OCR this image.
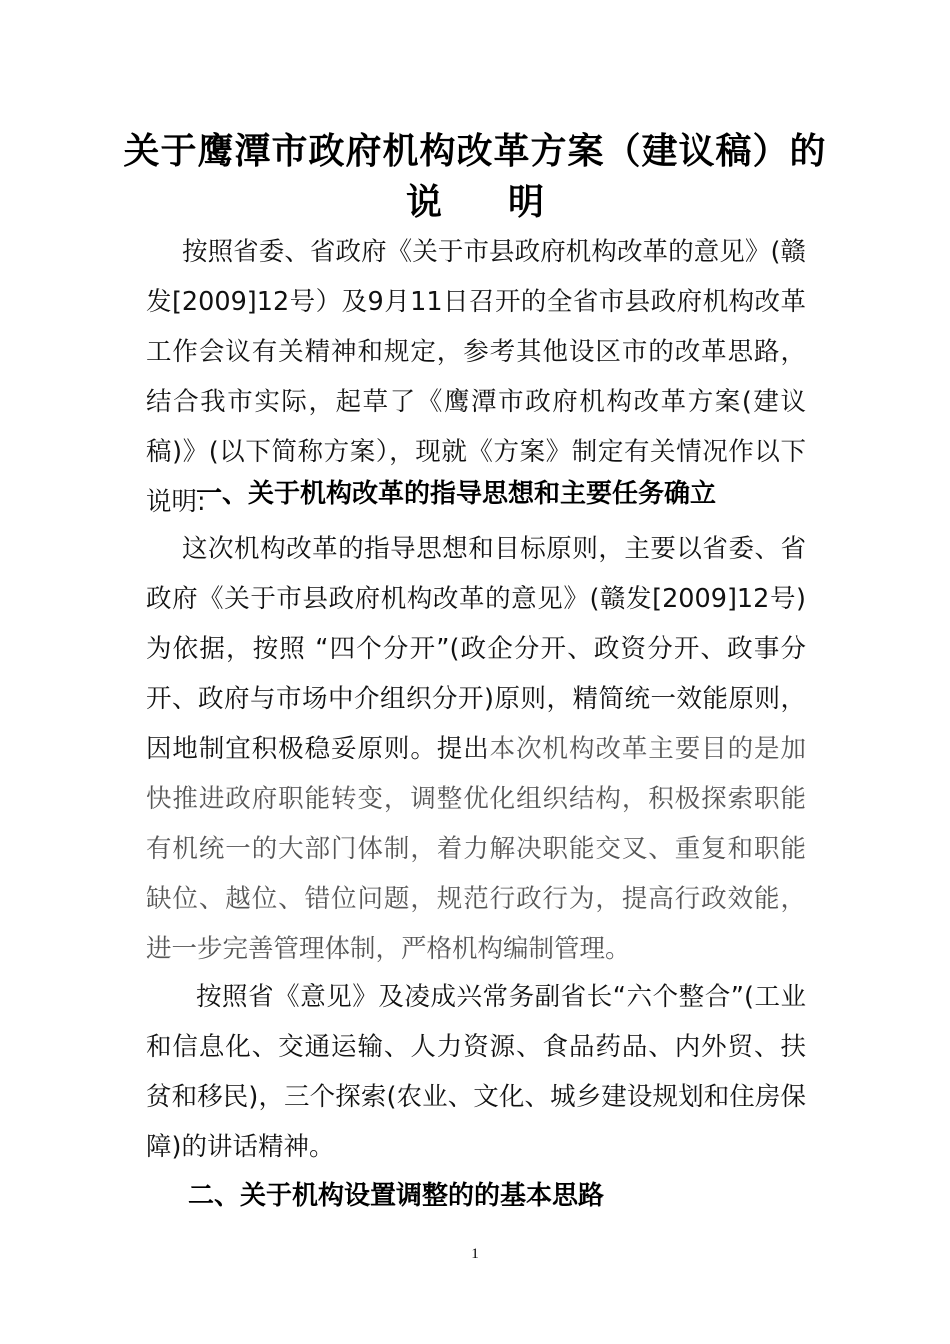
关于鹰潭市政府机构改革方案（建议稿）的
说 明
按照省委、省政府《关于市县政府机构改革的意见》(赣发[2009]12号）及9月11日召开的全省市县政府机构改革工作会议有关精神和规定，参考其他设区市的改革思路，结合我市实际，起草了《鹰潭市政府机构改革方案(建议稿)》(以下简称方案），现就《方案》制定有关情况作以下说明:
一、关于机构改革的指导思想和主要任务确立
这次机构改革的指导思想和目标原则，主要以省委、省政府《关于市县政府机构改革的意见》(赣发[2009]12号)为依据，按照 “四个分开”(政企分开、政资分开、政事分开、政府与市场中介组织分开)原则，精简统一效能原则，因地制宜积极稳妥原则。提出本次机构改革主要目的是加快推进政府职能转变，调整优化组织结构，积极探索职能有机统一的大部门体制，着力解决职能交叉、重复和职能缺位、越位、错位问题，规范行政行为，提高行政效能，进一步完善管理体制，严格机构编制管理。
按照省《意见》及凌成兴常务副省长“六个整合”(工业和信息化、交通运输、人力资源、食品药品、内外贸、扶贫和移民)，三个探索(农业、文化、城乡建设规划和住房保障)的讲话精神。
二、关于机构设置调整的的基本思路
1
